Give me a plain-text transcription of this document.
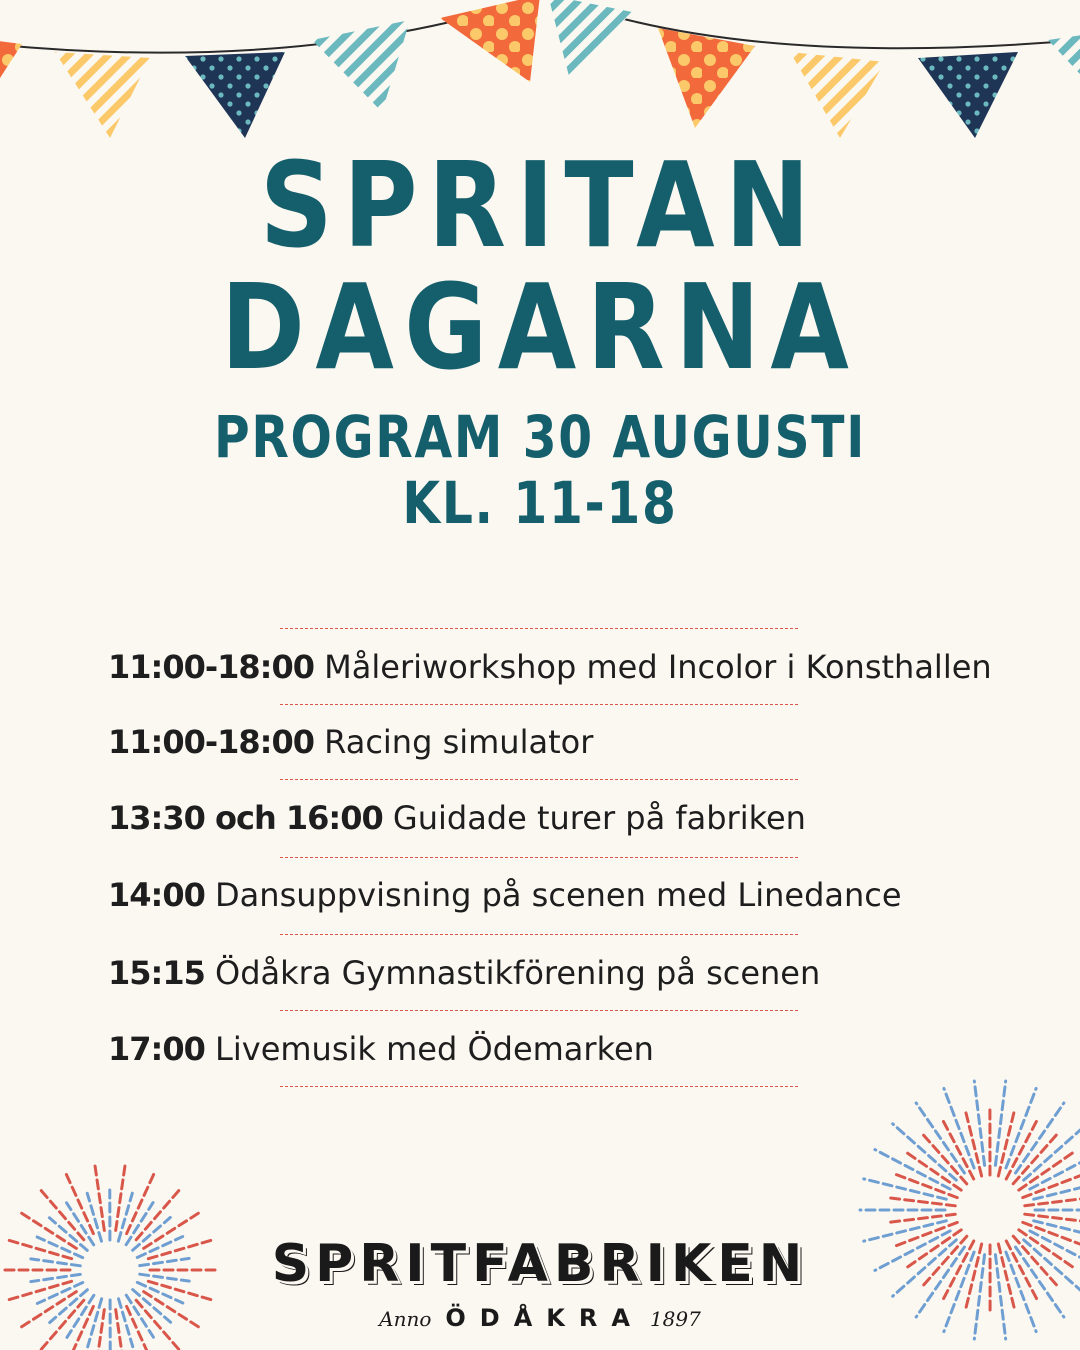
SPRITAN
DAGARNA
PROGRAM 30 AUGUSTI
KL. 11-18
11:00-18:00 Måleriworkshop med Incolor i Konsthallen
11:00-18:00 Racing simulator
13:30 och 16:00 Guidade turer på fabriken
14:00 Dansuppvisning på scenen med Linedance
15:15 Ödåkra Gymnastikförening på scenen
17:00 Livemusik med Ödemarken
SPRITFABRIKEN
Anno ÖDÅKRA 1897
